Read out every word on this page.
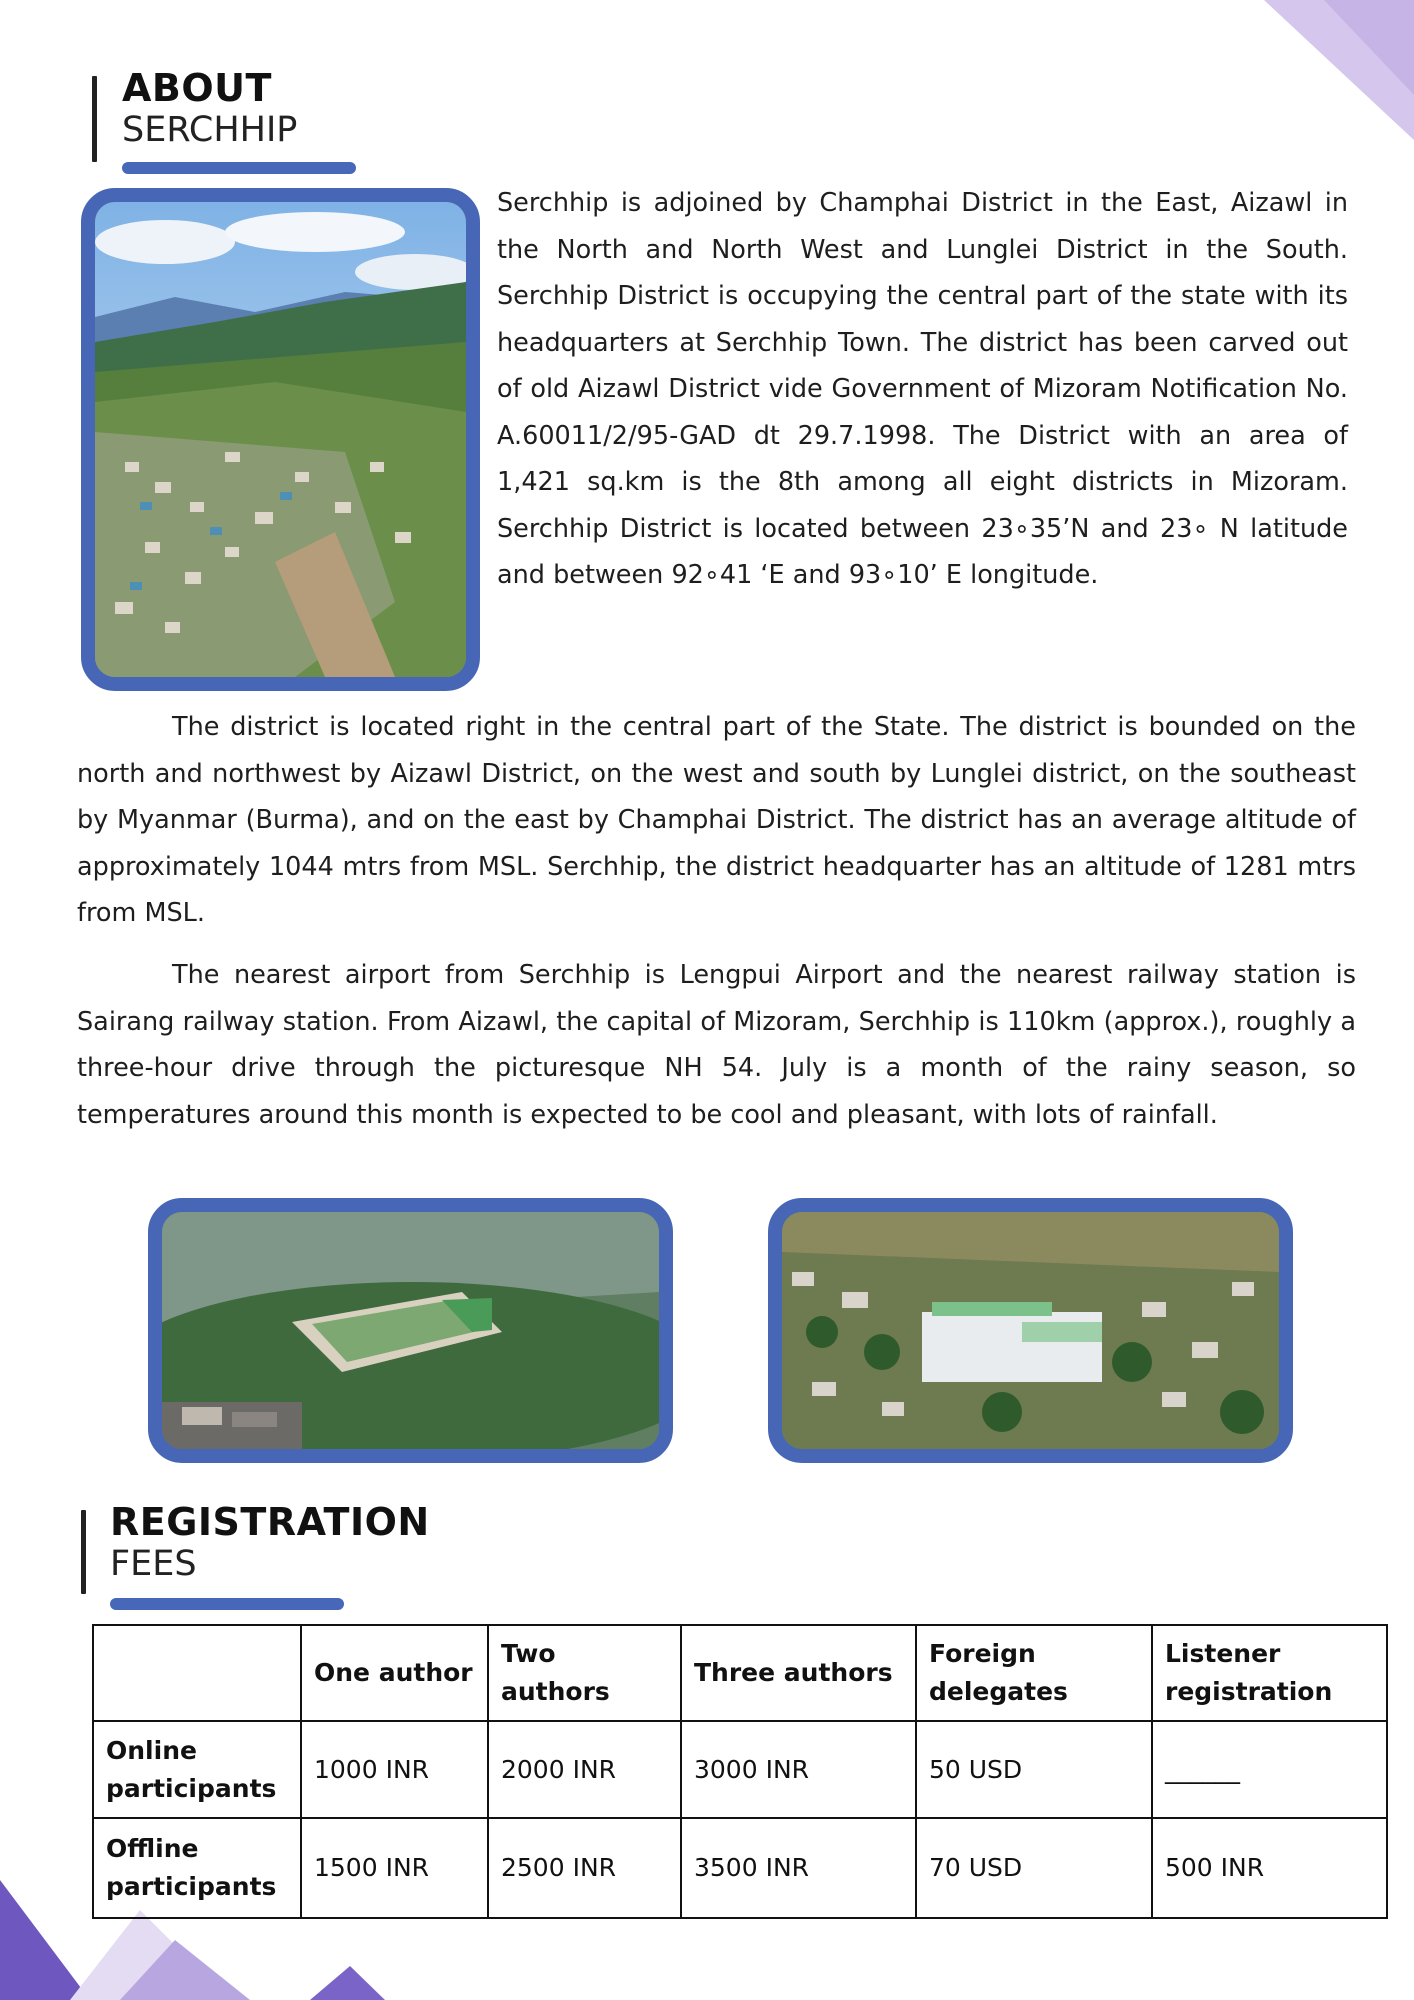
ABOUT
SERCHHIP

Serchhip is adjoined by Champhai District in the East, Aizawl in the North and North West and Lunglei District in the South. Serchhip District is occupying the central part of the state with its headquarters at Serchhip Town. The district has been carved out of old Aizawl District vide Government of Mizoram Notification No. A.60011/2/95-GAD dt 29.7.1998. The District with an area of 1,421 sq.km is the 8th among all eight districts in Mizoram. Serchhip District is located between 23∘35’N and 23∘ N latitude and between 92∘41 ‘E and 93∘10’ E longitude.

The district is located right in the central part of the State. The district is bounded on the north and northwest by Aizawl District, on the west and south by Lunglei district, on the southeast by Myanmar (Burma), and on the east by Champhai District. The district has an average altitude of approximately 1044 mtrs from MSL. Serchhip, the district headquarter has an altitude of 1281 mtrs from MSL.

The nearest airport from Serchhip is Lengpui Airport and the nearest railway station is Sairang railway station. From Aizawl, the capital of Mizoram, Serchhip is 110km (approx.), roughly a three-hour drive through the picturesque NH 54. July is a month of the rainy season, so temperatures around this month is expected to be cool and pleasant, with lots of rainfall.

REGISTRATION
FEES
	One author	Two authors	Three authors	Foreign delegates	Listener registration
Online participants	1000 INR	2000 INR	3000 INR	50 USD	______
Offline participants	1500 INR	2500 INR	3500 INR	70 USD	500 INR
